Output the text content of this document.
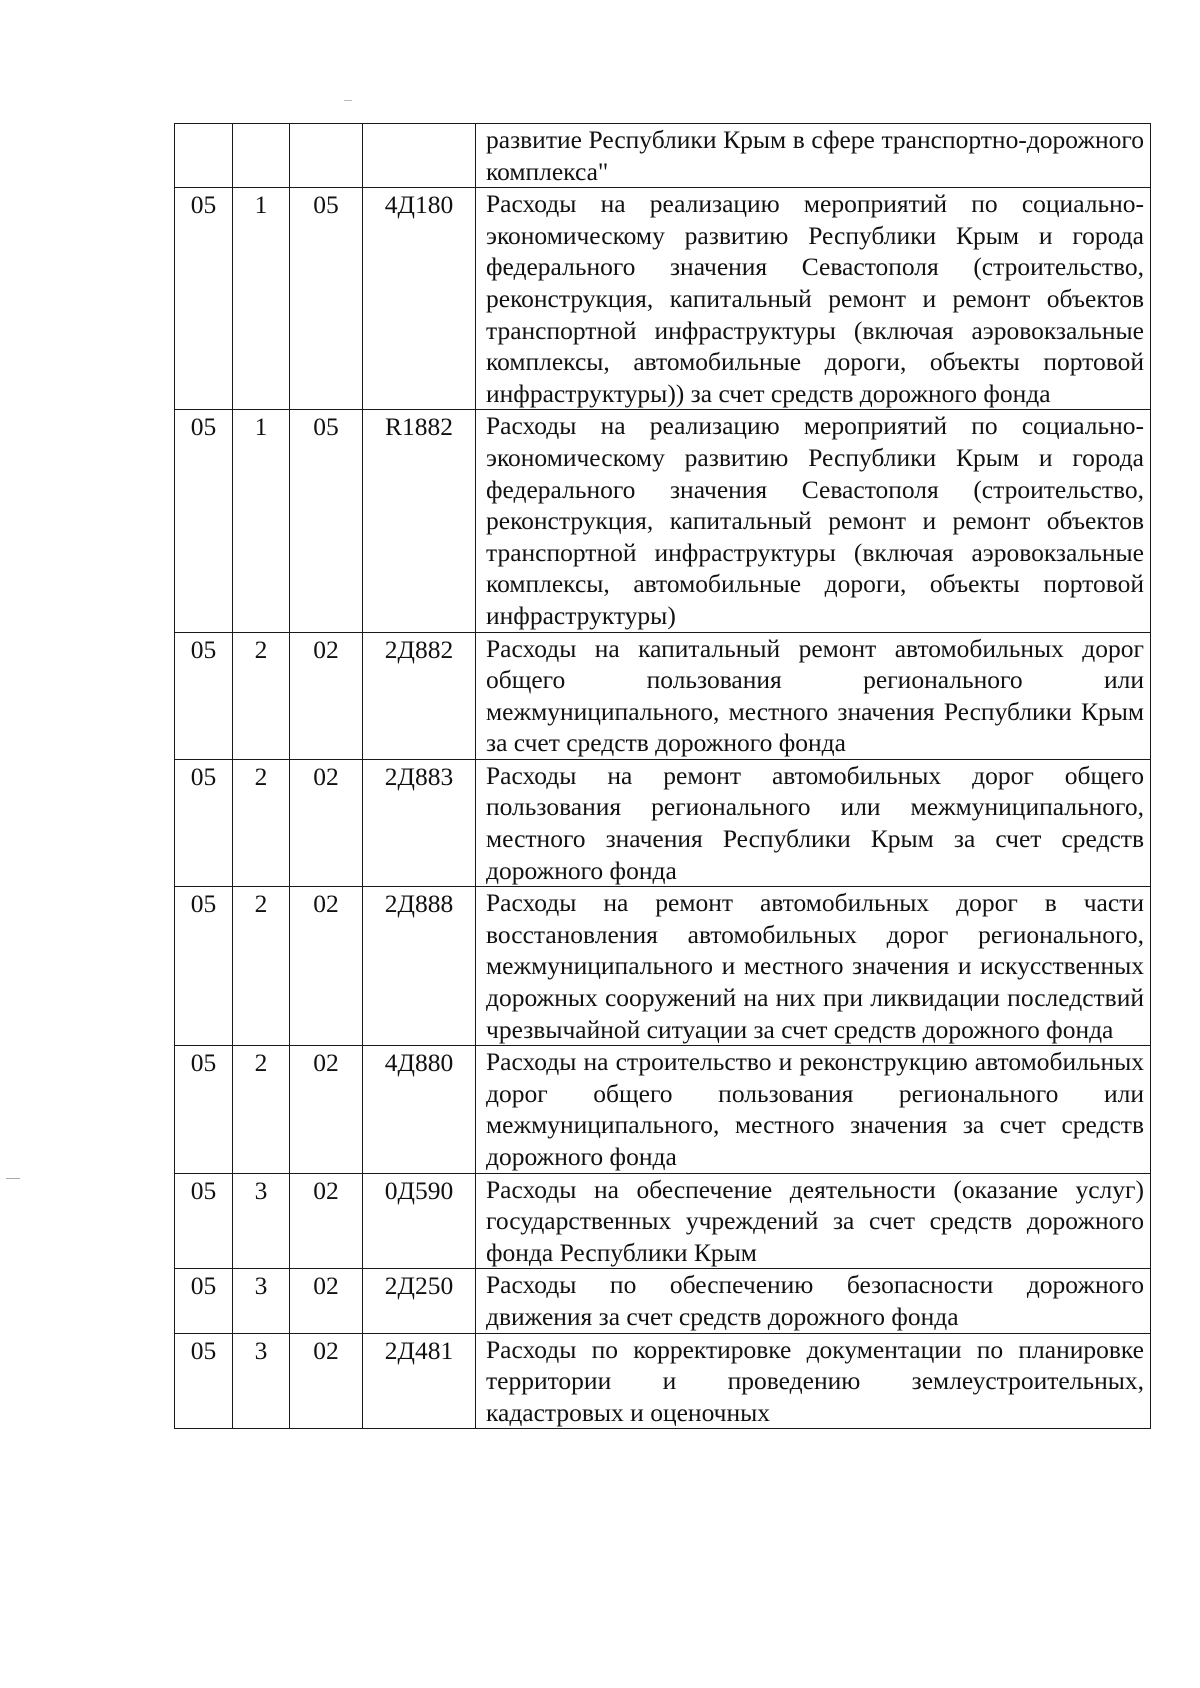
				развитие Республики Крым в сфере транспортно-дорожного комплекса"
05	1	05	4Д180	Расходы на реализацию мероприятий по социально-экономическому развитию Республики Крым и города федерального значения Севастополя (строительство, реконструкция, капитальный ремонт и ремонт объектов транспортной инфраструктуры (включая аэровокзальные комплексы, автомобильные дороги, объекты портовой инфраструктуры)) за счет средств дорожного фонда
05	1	05	R1882	Расходы на реализацию мероприятий по социально-экономическому развитию Республики Крым и города федерального значения Севастополя (строительство, реконструкция, капитальный ремонт и ремонт объектов транспортной инфраструктуры (включая аэровокзальные комплексы, автомобильные дороги, объекты портовой инфраструктуры)
05	2	02	2Д882	Расходы на капитальный ремонт автомобильных дорог общего пользования регионального или межмуниципального, местного значения Республики Крым за счет средств дорожного фонда
05	2	02	2Д883	Расходы на ремонт автомобильных дорог общего пользования регионального или межмуниципального, местного значения Республики Крым за счет средств дорожного фонда
05	2	02	2Д888	Расходы на ремонт автомобильных дорог в части восстановления автомобильных дорог регионального, межмуниципального и местного значения и искусственных дорожных сооружений на них при ликвидации последствий чрезвычайной ситуации за счет средств дорожного фонда
05	2	02	4Д880	Расходы на строительство и реконструкцию автомобильных дорог общего пользования регионального или межмуниципального, местного значения за счет средств дорожного фонда
05	3	02	0Д590	Расходы на обеспечение деятельности (оказание услуг) государственных учреждений за счет средств дорожного фонда Республики Крым
05	3	02	2Д250	Расходы по обеспечению безопасности дорожного движения за счет средств дорожного фонда
05	3	02	2Д481	Расходы по корректировке документации по планировке территории и проведению землеустроительных, кадастровых и оценочных
